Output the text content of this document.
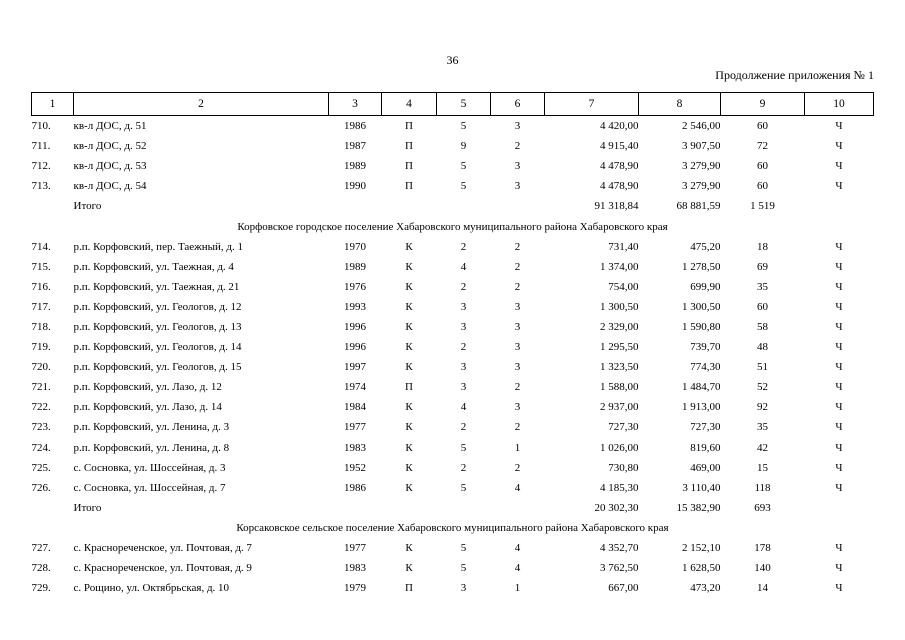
36
Продолжение приложения № 1
1	2	3	4	5	6	7	8	9	10
710.	кв-л ДОС, д. 51	1986	П	5	3	4 420,00	2 546,00	60	Ч
711.	кв-л ДОС, д. 52	1987	П	9	2	4 915,40	3 907,50	72	Ч
712.	кв-л ДОС, д. 53	1989	П	5	3	4 478,90	3 279,90	60	Ч
713.	кв-л ДОС, д. 54	1990	П	5	3	4 478,90	3 279,90	60	Ч
	Итого					91 318,84	68 881,59	1 519	
Корфовское городское поселение Хабаровского муниципального района Хабаровского края									
714.	р.п. Корфовский, пер. Таежный, д. 1	1970	К	2	2	731,40	475,20	18	Ч
715.	р.п. Корфовский, ул. Таежная, д. 4	1989	К	4	2	1 374,00	1 278,50	69	Ч
716.	р.п. Корфовский, ул. Таежная, д. 21	1976	К	2	2	754,00	699,90	35	Ч
717.	р.п. Корфовский, ул. Геологов, д. 12	1993	К	3	3	1 300,50	1 300,50	60	Ч
718.	р.п. Корфовский, ул. Геологов, д. 13	1996	К	3	3	2 329,00	1 590,80	58	Ч
719.	р.п. Корфовский, ул. Геологов, д. 14	1996	К	2	3	1 295,50	739,70	48	Ч
720.	р.п. Корфовский, ул. Геологов, д. 15	1997	К	3	3	1 323,50	774,30	51	Ч
721.	р.п. Корфовский, ул. Лазо, д. 12	1974	П	3	2	1 588,00	1 484,70	52	Ч
722.	р.п. Корфовский, ул. Лазо, д. 14	1984	К	4	3	2 937,00	1 913,00	92	Ч
723.	р.п. Корфовский, ул. Ленина, д. 3	1977	К	2	2	727,30	727,30	35	Ч
724.	р.п. Корфовский, ул. Ленина, д. 8	1983	К	5	1	1 026,00	819,60	42	Ч
725.	с. Сосновка, ул. Шоссейная, д. 3	1952	К	2	2	730,80	469,00	15	Ч
726.	с. Сосновка, ул. Шоссейная, д. 7	1986	К	5	4	4 185,30	3 110,40	118	Ч
	Итого					20 302,30	15 382,90	693	
Корсаковское сельское поселение Хабаровского муниципального района Хабаровского края									
727.	с. Краснореченское, ул. Почтовая, д. 7	1977	К	5	4	4 352,70	2 152,10	178	Ч
728.	с. Краснореченское, ул. Почтовая, д. 9	1983	К	5	4	3 762,50	1 628,50	140	Ч
729.	с. Рощино, ул. Октябрьская, д. 10	1979	П	3	1	667,00	473,20	14	Ч
